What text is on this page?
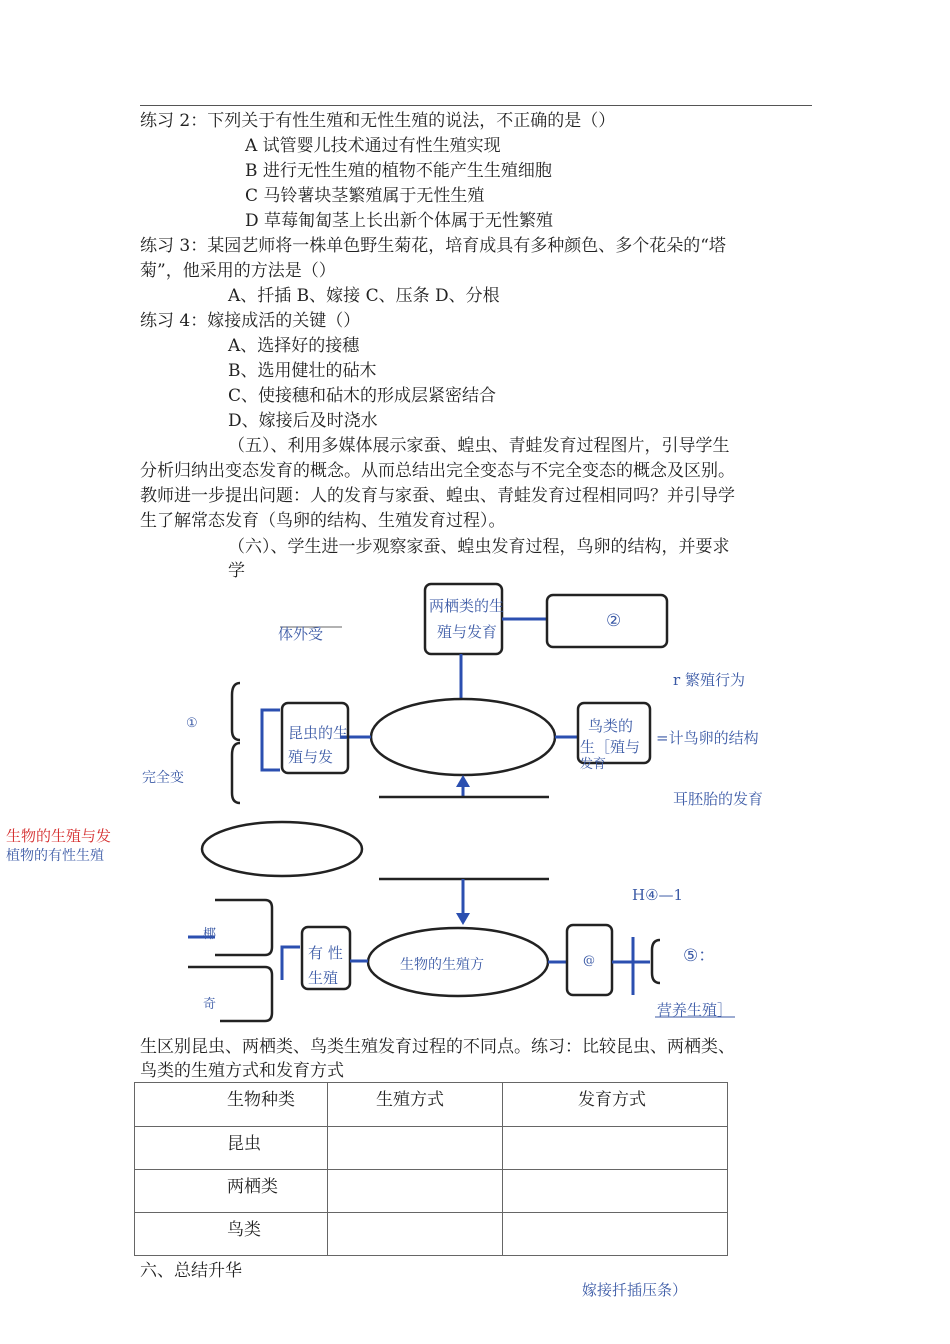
练习 2：下列关于有性生殖和无性生殖的说法，不正确的是（）
A 试管婴儿技术通过有性生殖实现
B 进行无性生殖的植物不能产生生殖细胞
C 马铃薯块茎繁殖属于无性生殖
D 草莓匍匐茎上长出新个体属于无性繁殖
练习 3：某园艺师将一株单色野生菊花，培育成具有多种颜色、多个花朵的“塔
菊”，他采用的方法是（）
A、扦插 B、嫁接 C、压条 D、分根
练习 4：嫁接成活的关键（）
A、选择好的接穗
B、选用健壮的砧木
C、使接穗和砧木的形成层紧密结合
D、嫁接后及时浇水
（五）、利用多媒体展示家蚕、蝗虫、青蛙发育过程图片，引导学生
分析归纳出变态发育的概念。从而总结出完全变态与不完全变态的概念及区别。
教师进一步提出问题：人的发育与家蚕、蝗虫、青蛙发育过程相同吗？并引导学
生了解常态发育（鸟卵的结构、生殖发育过程）。
（六）、学生进一步观察家蚕、蝗虫发育过程，鸟卵的结构，并要求
学
两栖类的生
殖与发育
②
体外受
r 繁殖行为
①
昆虫的生
殖与发
鸟类的
生［殖与
发育
=计鸟卵的结构
完全变
耳胚胎的发育
生物的生殖与发
植物的有性生殖
H④—1
椰
有 性
生殖
生物的生殖方	@	⑤：
奇	营养生殖］
生区别昆虫、两栖类、鸟类生殖发育过程的不同点。练习：比较昆虫、两栖类、
鸟类的生殖方式和发育方式
生物种类	生殖方式	发育方式
昆虫		
两栖类		
鸟类		
六、总结升华
嫁接扦插压条）
